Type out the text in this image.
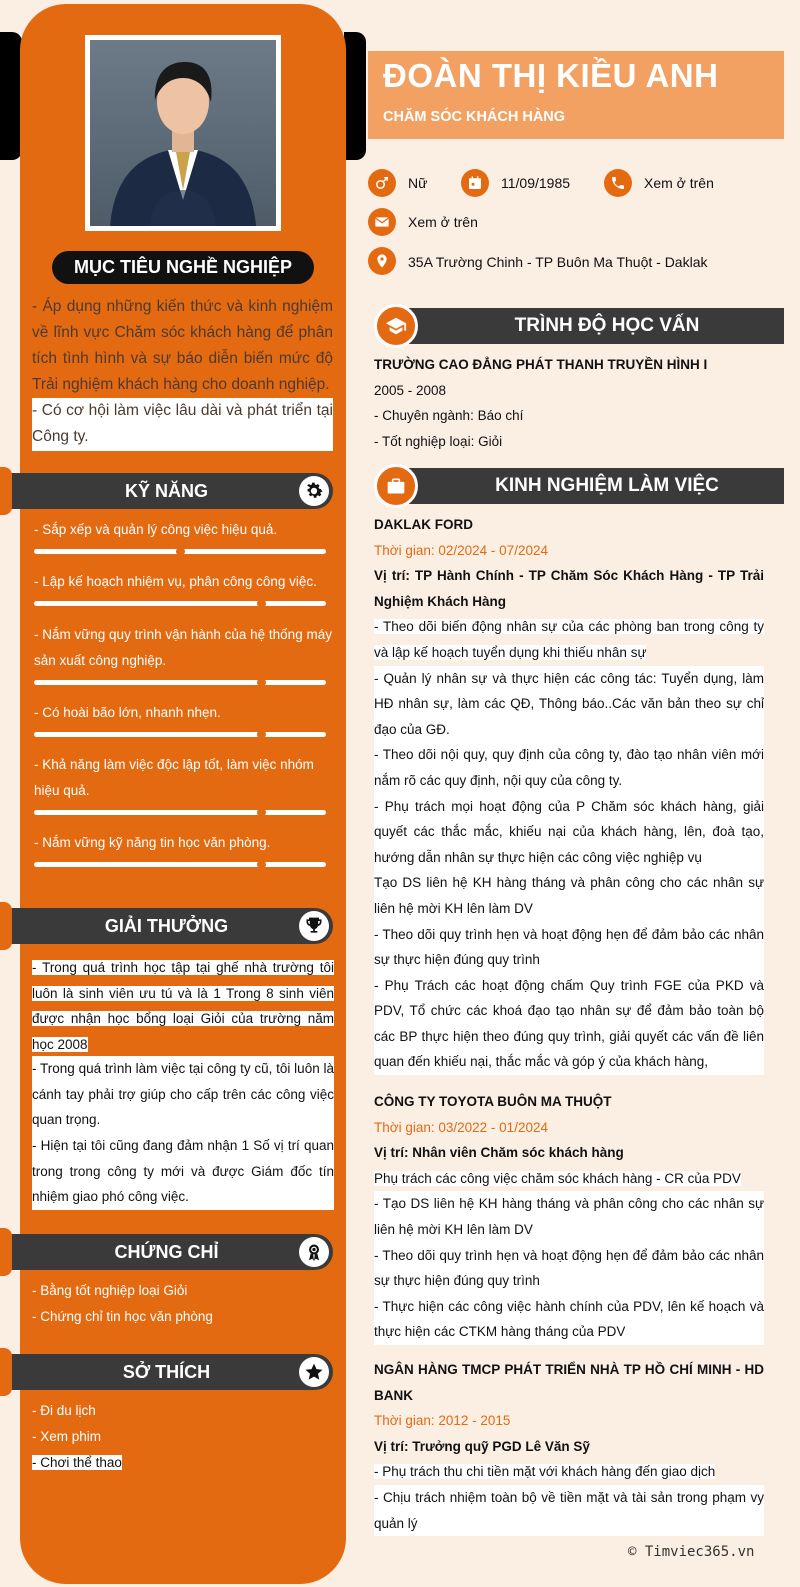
MỤC TIÊU NGHỀ NGHIỆP
- Áp dụng những kiến thức và kinh nghiệm về lĩnh vực Chăm sóc khách hàng để phân tích tình hình và sự báo diễn biến mức độ Trải nghiệm khách hàng cho doanh nghiệp.
- Có cơ hội làm việc lâu dài và phát triển tại Công ty.
KỸ NĂNG
- Sắp xếp và quản lý công việc hiệu quả.
- Lập kế hoạch nhiệm vụ, phân công công việc.
- Nắm vững quy trình vận hành của hệ thống máy sản xuất công nghiệp.
- Có hoài bão lớn, nhanh nhẹn.
- Khả năng làm việc độc lập tốt, làm việc nhóm hiệu quả.
- Nắm vững kỹ năng tin học văn phòng.
GIẢI THƯỞNG
- Trong quá trình học tập tại ghế nhà trường tôi luôn là sinh viên ưu tú và là 1 Trong 8 sinh viên được nhận học bổng loại Giỏi của trường năm học 2008
- Trong quá trình làm việc tại công ty cũ, tôi luôn là cánh tay phải trợ giúp cho cấp trên các công việc quan trọng.
- Hiện tại tôi cũng đang đảm nhận 1 Số vị trí quan trong trong công ty mới và được Giám đốc tín nhiệm giao phó công việc.
CHỨNG CHỈ
- Bằng tốt nghiệp loại Giỏi
- Chứng chỉ tin học văn phòng
SỞ THÍCH
- Đi du lịch
- Xem phim
- Chơi thể thao
ĐOÀN THỊ KIỀU ANH
CHĂM SÓC KHÁCH HÀNG
Nữ	11/09/1985	Xem ở trên
Xem ở trên
35A Trường Chinh - TP Buôn Ma Thuột - Daklak
TRÌNH ĐỘ HỌC VẤN
TRƯỜNG CAO ĐẲNG PHÁT THANH TRUYỀN HÌNH I
2005 - 2008
- Chuyên ngành: Báo chí
- Tốt nghiệp loại: Giỏi
KINH NGHIỆM LÀM VIỆC
DAKLAK FORD
Thời gian: 02/2024 - 07/2024
Vị trí: TP Hành Chính - TP Chăm Sóc Khách Hàng - TP Trải Nghiệm Khách Hàng
- Theo dõi biến động nhân sự của các phòng ban trong công ty và lập kế hoạch tuyển dụng khi thiếu nhân sự
- Quản lý nhân sự và thực hiện các công tác: Tuyển dụng, làm HĐ nhân sự, làm các QĐ, Thông báo..Các văn bản theo sự chỉ đạo của GĐ.
- Theo dõi nội quy, quy định của công ty, đào tạo nhân viên mới nắm rõ các quy định, nội quy của công ty.
- Phụ trách mọi hoạt động của P Chăm sóc khách hàng, giải quyết các thắc mắc, khiếu nại của khách hàng, lên, đoà tạo, hướng dẫn nhân sự thực hiện các công việc nghiệp vụ
Tạo DS liên hệ KH hàng tháng và phân công cho các nhân sự liên hệ mời KH lên làm DV
- Theo dõi quy trình hẹn và hoạt động hẹn để đảm bảo các nhân sự thực hiện đúng quy trình
- Phụ Trách các hoạt động chấm Quy trình FGE của PKD và PDV, Tổ chức các khoá đạo tạo nhân sự để đảm bảo toàn bộ các BP thực hiện theo đúng quy trình, giải quyết các vấn đề liên quan đến khiếu nại, thắc mắc và góp ý của khách hàng,
CÔNG TY TOYOTA BUÔN MA THUỘT
Thời gian: 03/2022 - 01/2024
Vị trí: Nhân viên Chăm sóc khách hàng
Phụ trách các công việc chăm sóc khách hàng - CR của PDV
- Tạo DS liên hệ KH hàng tháng và phân công cho các nhân sự liên hệ mời KH lên làm DV
- Theo dõi quy trình hẹn và hoạt động hẹn để đảm bảo các nhân sự thực hiện đúng quy trình
- Thực hiện các công việc hành chính của PDV, lên kế hoạch và thực hiện các CTKM hàng tháng của PDV
NGÂN HÀNG TMCP PHÁT TRIỂN NHÀ TP HỒ CHÍ MINH - HD BANK
Thời gian: 2012 - 2015
Vị trí: Trưởng quỹ PGD Lê Văn Sỹ
- Phụ trách thu chi tiền mặt với khách hàng đến giao dịch
- Chịu trách nhiệm toàn bộ về tiền mặt và tài sản trong phạm vy quản lý
© Timviec365.vn
